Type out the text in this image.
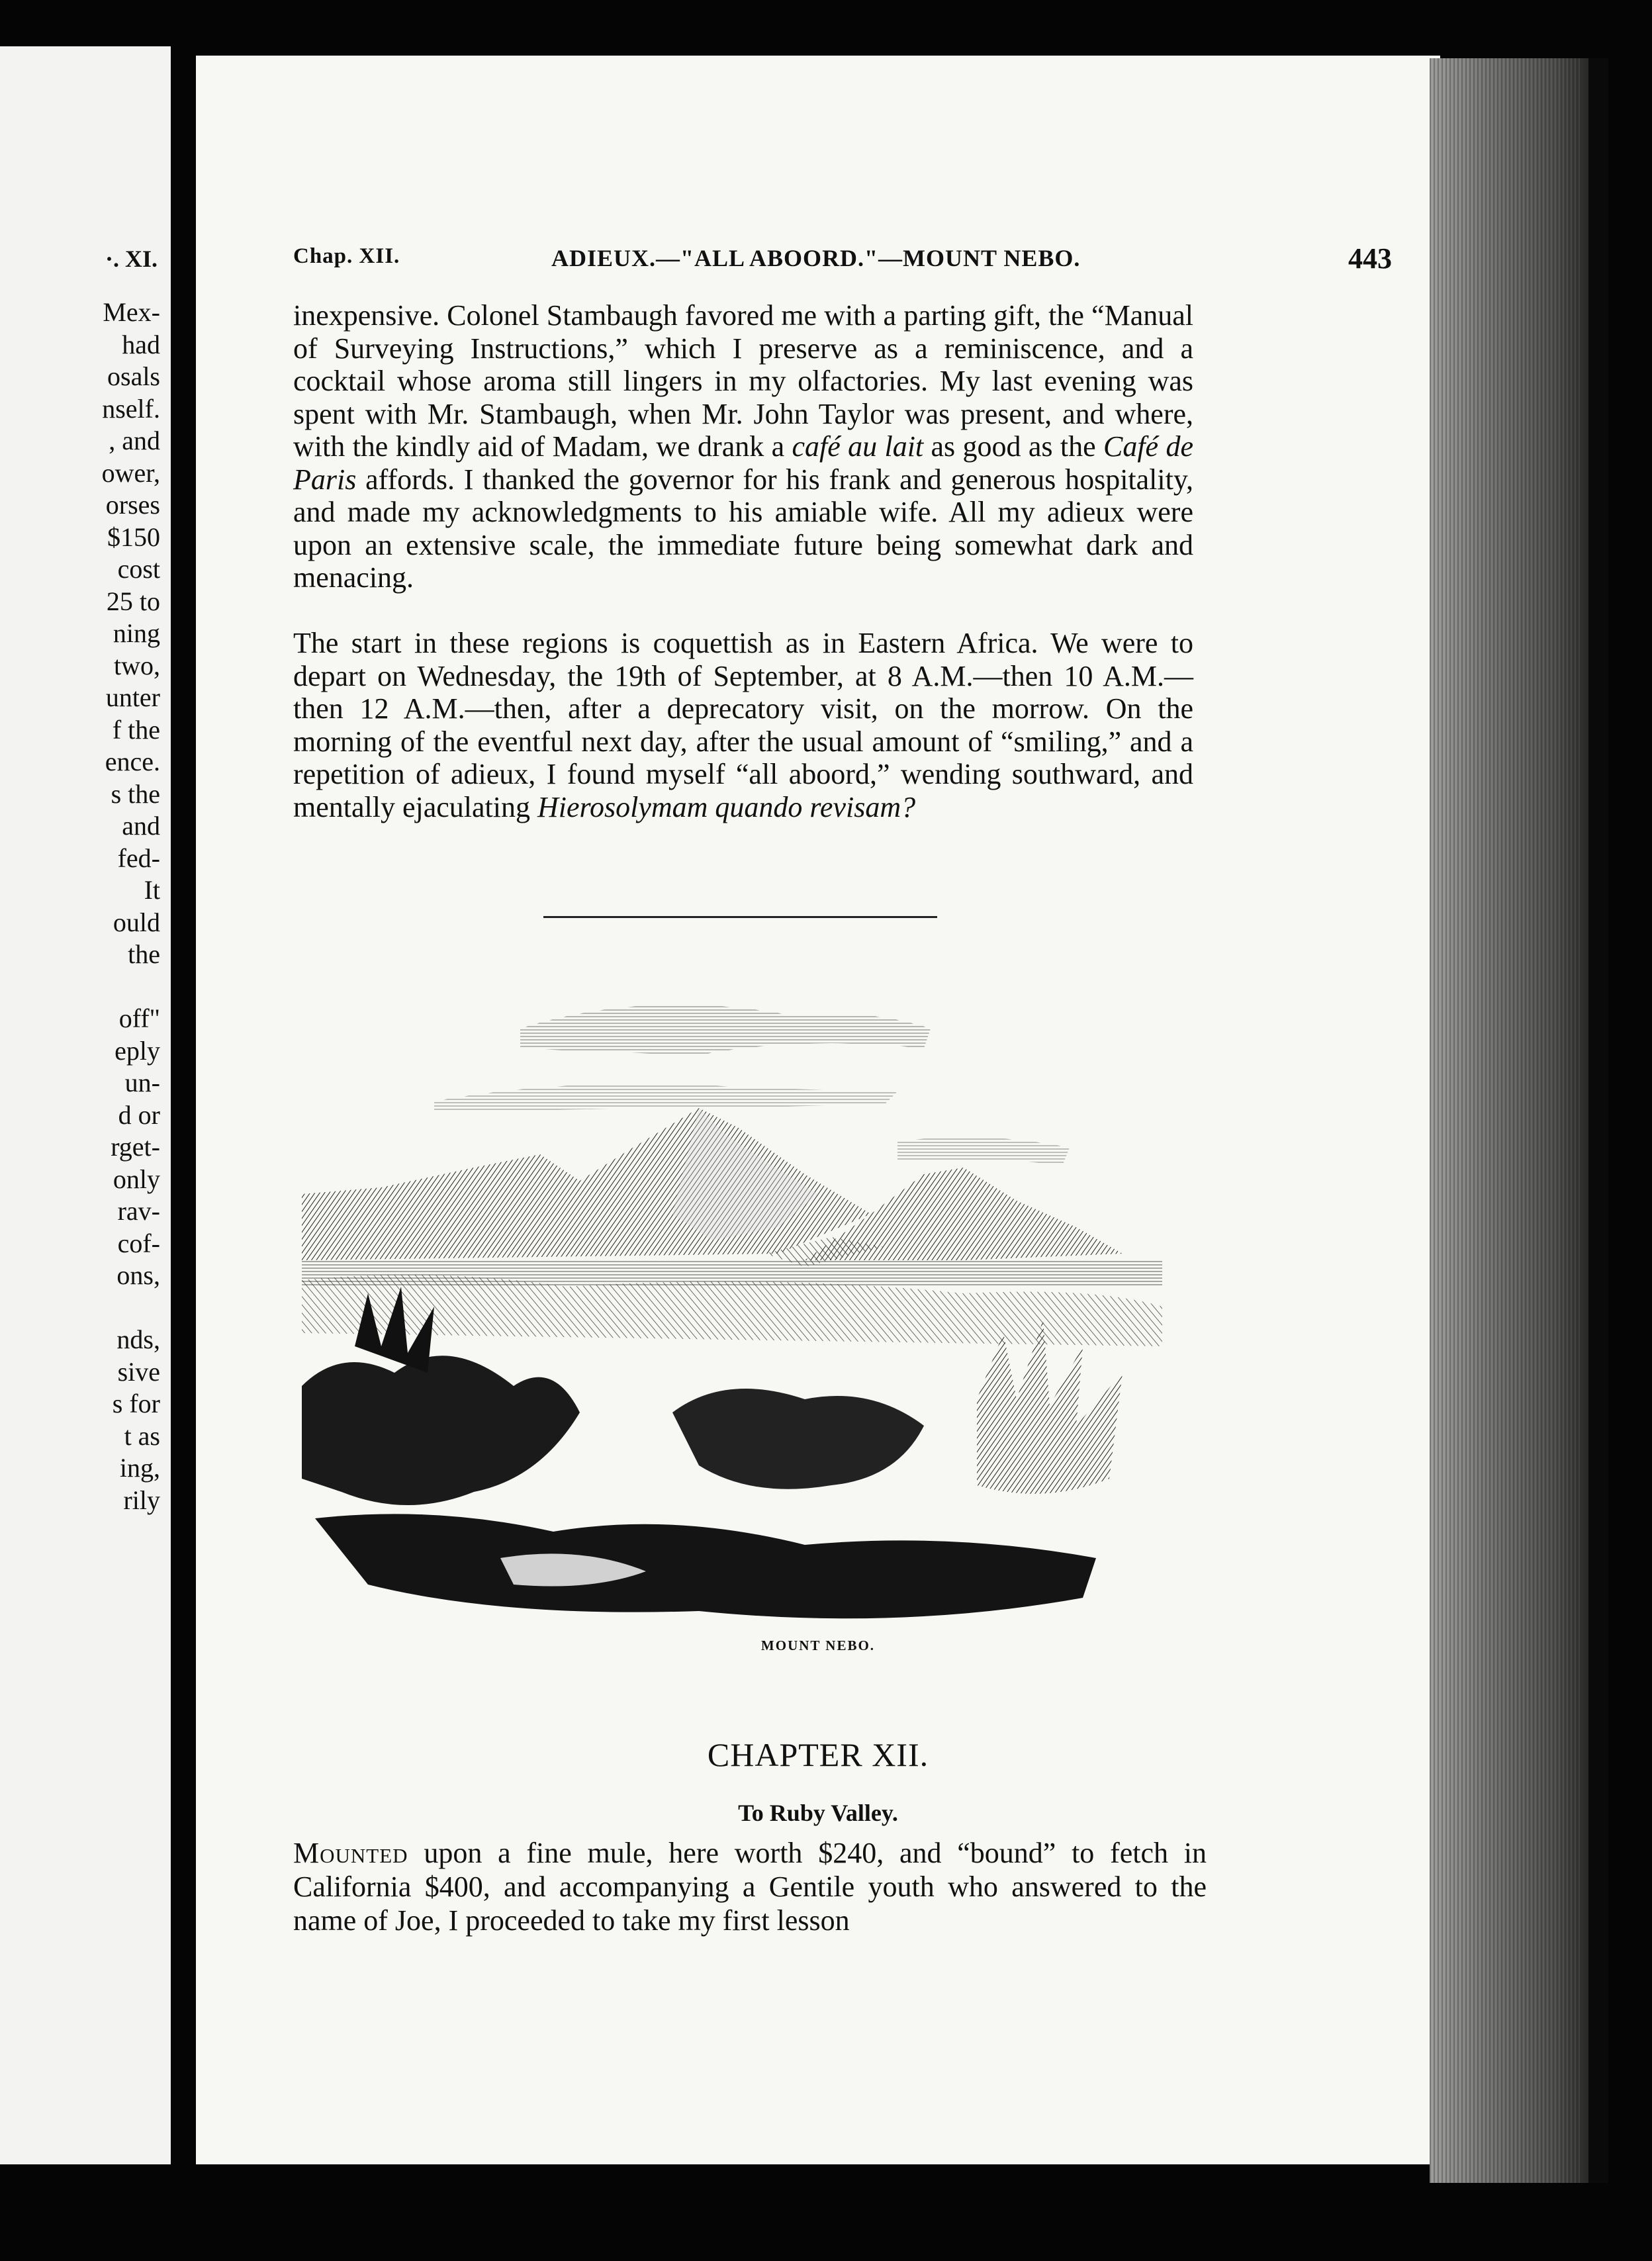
·. XI.
Mex-
had
osals
nself.
, and
ower,
orses
$150
cost
25 to
ning
two,
unter
f the
ence.
s the
and
fed-
It
ould
the
off"
eply
un-
d or
rget-
only
rav-
cof-
ons,
nds,
sive
s for
t as
ing,
rily
Chap. XII.	ADIEUX.—"ALL ABOORD."—MOUNT NEBO.	443

inexpensive. Colonel Stambaugh favored me with a parting gift, the “Manual of Surveying Instructions,” which I preserve as a reminiscence, and a cocktail whose aroma still lingers in my olfactories. My last evening was spent with Mr. Stambaugh, when Mr. John Taylor was present, and where, with the kindly aid of Madam, we drank a café au lait as good as the Café de Paris affords. I thanked the governor for his frank and generous hospitality, and made my acknowledgments to his amiable wife. All my adieux were upon an extensive scale, the immediate future being somewhat dark and menacing.

The start in these regions is coquettish as in Eastern Africa. We were to depart on Wednesday, the 19th of September, at 8 A.M.—then 10 A.M.—then 12 A.M.—then, after a deprecatory visit, on the morrow. On the morning of the eventful next day, after the usual amount of “smiling,” and a repetition of adieux, I found myself “all aboord,” wending southward, and mentally ejaculating Hierosolymam quando revisam?

MOUNT NEBO.
CHAPTER XII.
To Ruby Valley.

Mounted upon a fine mule, here worth $240, and “bound” to fetch in California $400, and accompanying a Gentile youth who answered to the name of Joe, I proceeded to take my first lesson
